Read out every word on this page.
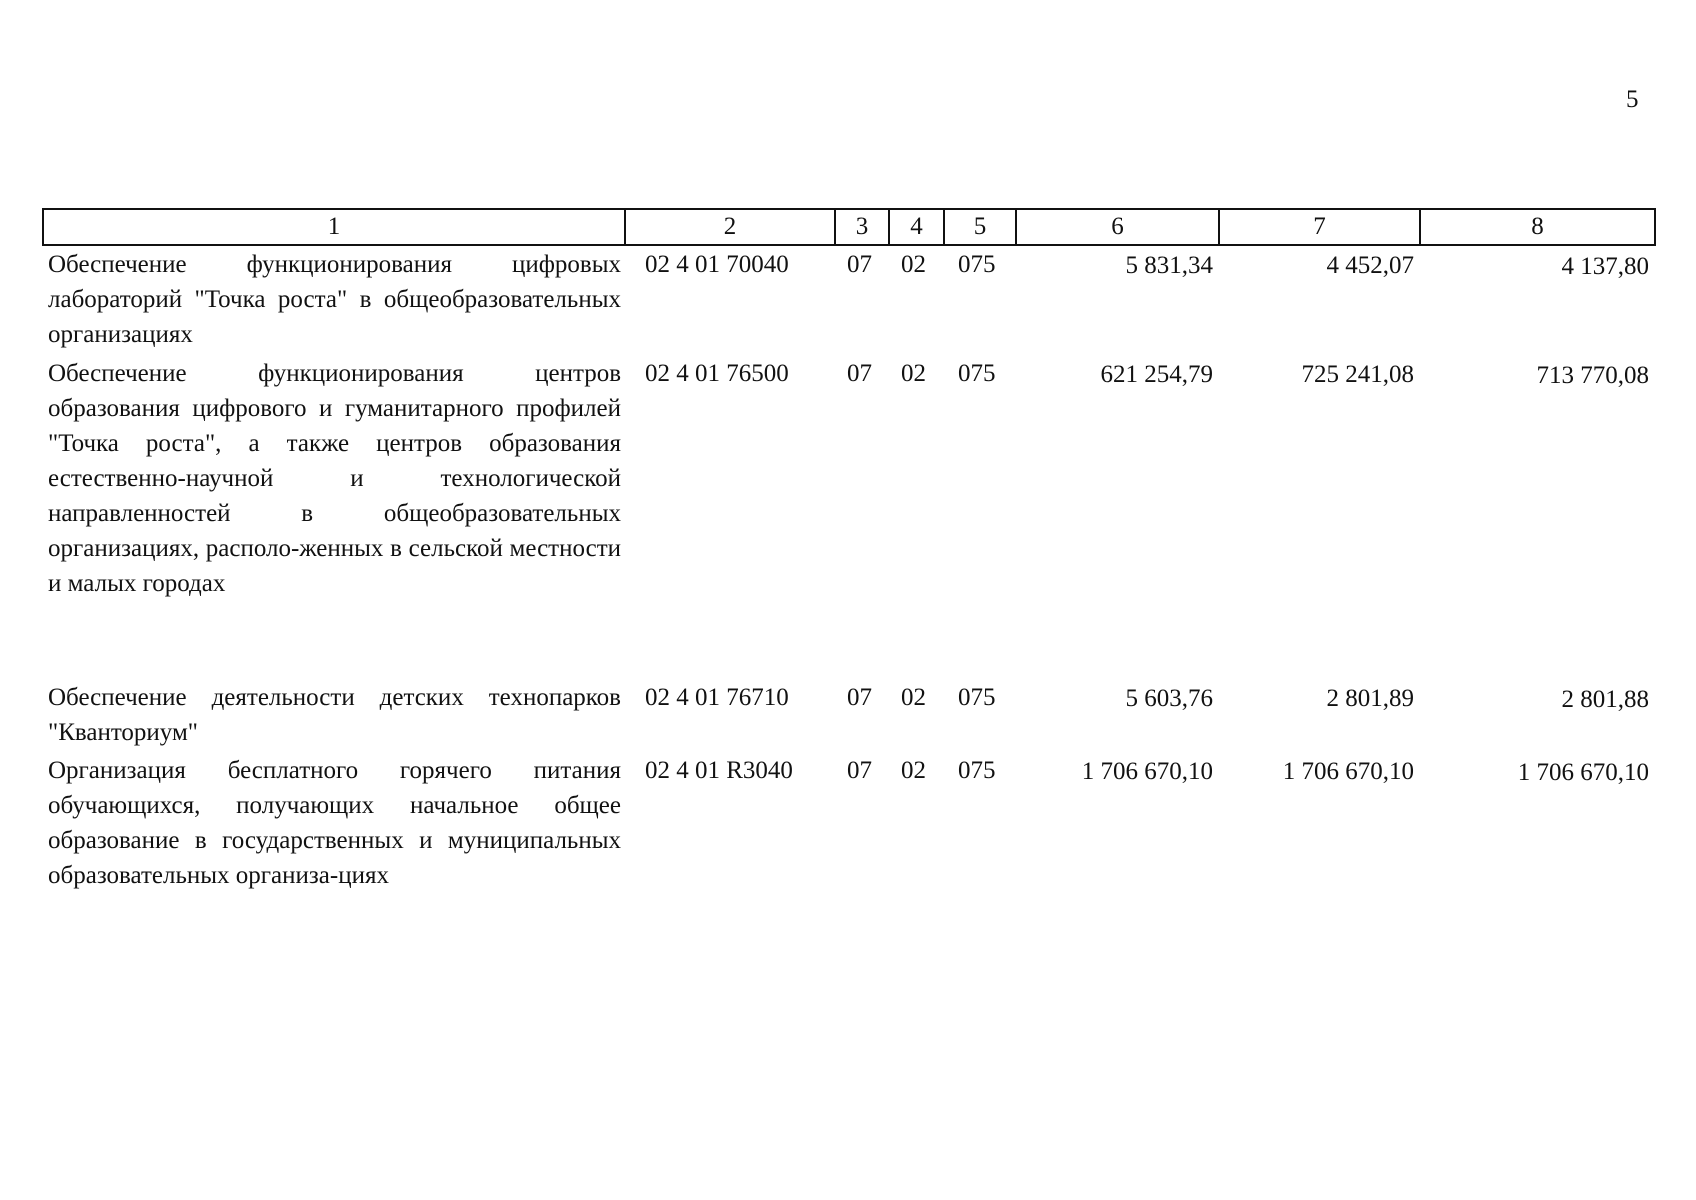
5
1	2	3	4	5	6	7	8
Обеспечение функционирования цифровых лабораторий "Точка роста" в общеобразовательных организациях	02 4 01 70040	07	02	075	5 831,34	4 452,07	4 137,80
Обеспечение функционирования центров образования цифрового и гуманитарного профилей "Точка роста", а также центров образования естественно-научной и технологической направленностей в общеобразовательных организациях, располо-женных в сельской местности и малых городах	02 4 01 76500	07	02	075	621 254,79	725 241,08	713 770,08
Обеспечение деятельности детских технопарков "Кванториум"	02 4 01 76710	07	02	075	5 603,76	2 801,89	2 801,88
Организация бесплатного горячего питания обучающихся, получающих начальное общее образование в государственных и муниципальных образовательных организа-циях	02 4 01 R3040	07	02	075	1 706 670,10	1 706 670,10	1 706 670,10
